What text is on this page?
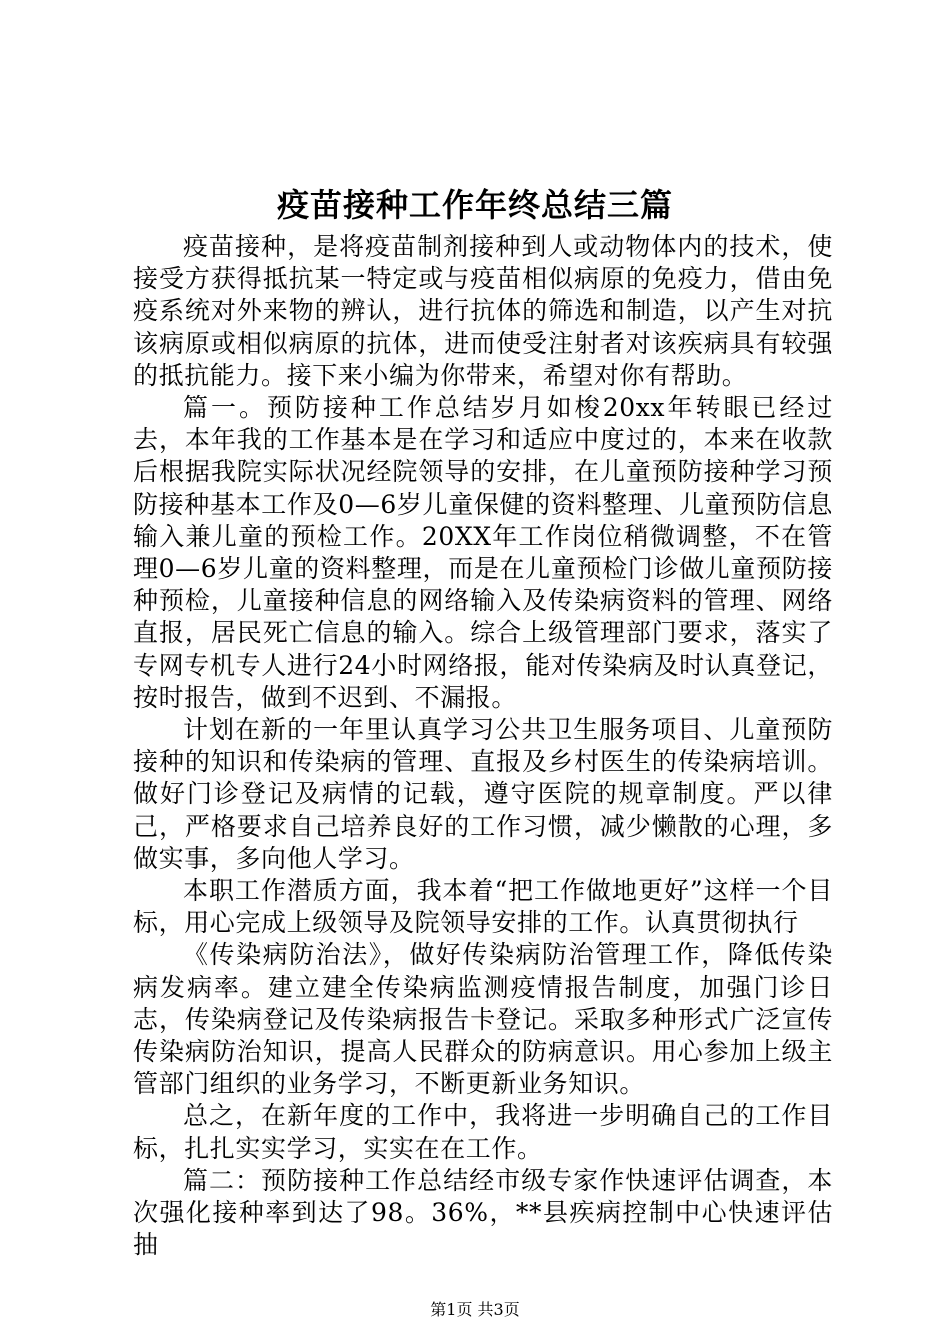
疫苗接种工作年终总结三篇

疫苗接种，是将疫苗制剂接种到人或动物体内的技术，使接受方获得抵抗某一特定或与疫苗相似病原的免疫力，借由免疫系统对外来物的辨认，进行抗体的筛选和制造，以产生对抗该病原或相似病原的抗体，进而使受注射者对该疾病具有较强的抵抗能力。接下来小编为你带来，希望对你有帮助。

篇一。预防接种工作总结岁月如梭20xx年转眼已经过去，本年我的工作基本是在学习和适应中度过的，本来在收款后根据我院实际状况经院领导的安排，在儿童预防接种学习预防接种基本工作及0—6岁儿童保健的资料整理、儿童预防信息输入兼儿童的预检工作。20XX年工作岗位稍微调整，不在管理0—6岁儿童的资料整理，而是在儿童预检门诊做儿童预防接种预检，儿童接种信息的网络输入及传染病资料的管理、网络直报，居民死亡信息的输入。综合上级管理部门要求，落实了专网专机专人进行24小时网络报，能对传染病及时认真登记，按时报告，做到不迟到、不漏报。

计划在新的一年里认真学习公共卫生服务项目、儿童预防接种的知识和传染病的管理、直报及乡村医生的传染病培训。做好门诊登记及病情的记载，遵守医院的规章制度。严以律己，严格要求自己培养良好的工作习惯，减少懒散的心理，多做实事，多向他人学习。

本职工作潜质方面，我本着“把工作做地更好”这样一个目标，用心完成上级领导及院领导安排的工作。认真贯彻执行

《传染病防治法》，做好传染病防治管理工作，降低传染病发病率。建立建全传染病监测疫情报告制度，加强门诊日志，传染病登记及传染病报告卡登记。采取多种形式广泛宣传传染病防治知识，提高人民群众的防病意识。用心参加上级主管部门组织的业务学习，不断更新业务知识。

总之，在新年度的工作中，我将进一步明确自己的工作目标，扎扎实实学习，实实在在工作。

篇二：预防接种工作总结经市级专家作快速评估调查，本次强化接种率到达了98。36%，**县疾病控制中心快速评估抽

第1页 共3页
